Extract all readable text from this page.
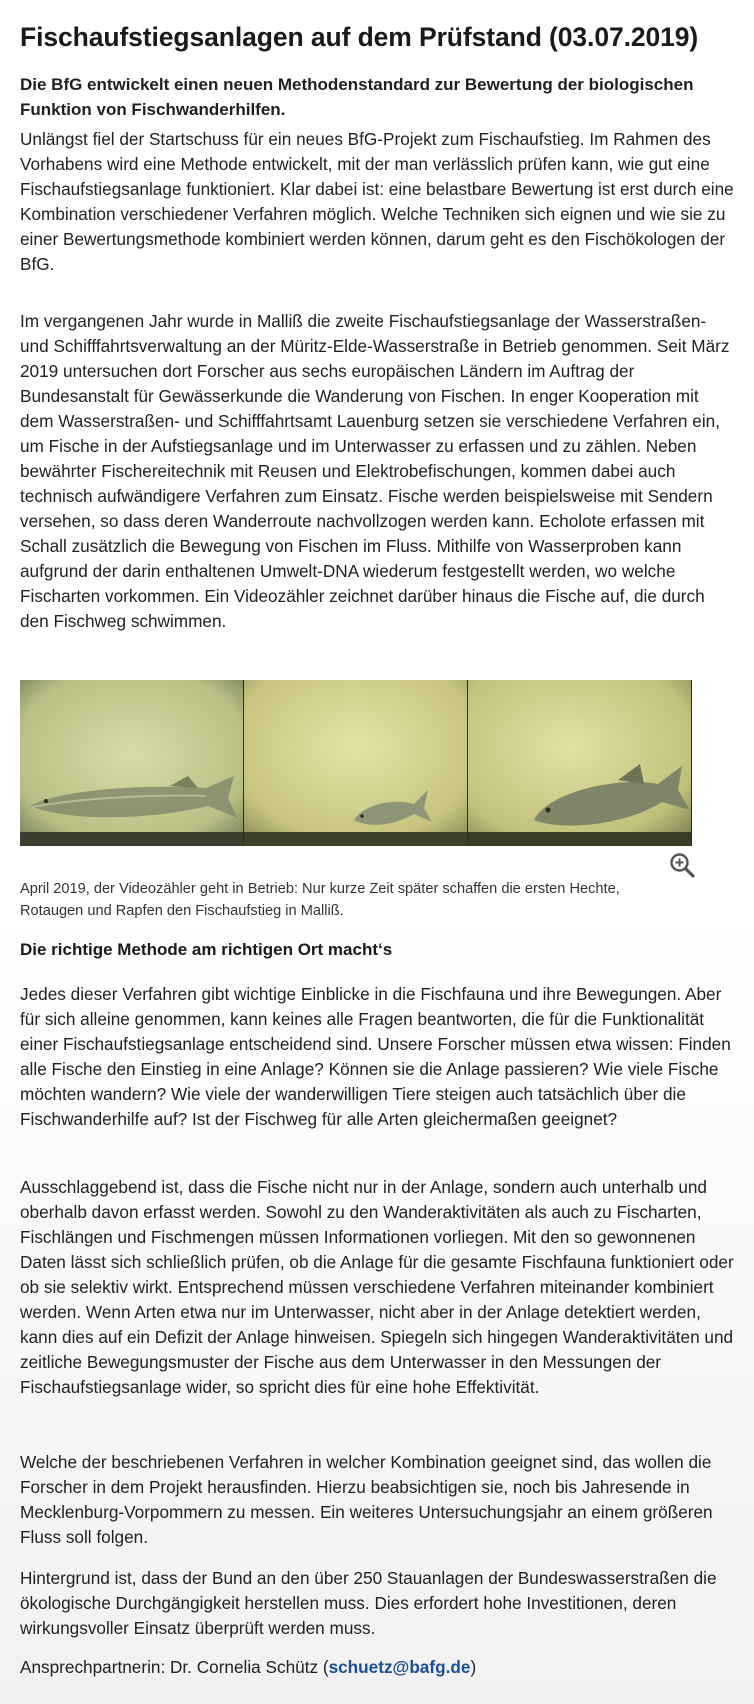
Fischaufstiegsanlagen auf dem Prüfstand (03.07.2019)

Die BfG entwickelt einen neuen Methodenstandard zur Bewertung der biologischen Funktion von Fischwanderhilfen.

Unlängst fiel der Startschuss für ein neues BfG-Projekt zum Fischaufstieg. Im Rahmen des Vorhabens wird eine Methode entwickelt, mit der man verlässlich prüfen kann, wie gut eine Fischaufstiegsanlage funktioniert. Klar dabei ist: eine belastbare Bewertung ist erst durch eine Kombination verschiedener Verfahren möglich. Welche Techniken sich eignen und wie sie zu einer Bewertungsmethode kombiniert werden können, darum geht es den Fischökologen der BfG.

Im vergangenen Jahr wurde in Malliß die zweite Fischaufstiegsanlage der Wasserstraßen- und Schifffahrtsverwaltung an der Müritz-Elde-Wasserstraße in Betrieb genommen. Seit März 2019 untersuchen dort Forscher aus sechs europäischen Ländern im Auftrag der Bundesanstalt für Gewässerkunde die Wanderung von Fischen. In enger Kooperation mit dem Wasserstraßen- und Schifffahrtsamt Lauenburg setzen sie verschiedene Verfahren ein, um Fische in der Aufstiegsanlage und im Unterwasser zu erfassen und zu zählen. Neben bewährter Fischereitechnik mit Reusen und Elektrobefischungen, kommen dabei auch technisch aufwändigere Verfahren zum Einsatz. Fische werden beispielsweise mit Sendern versehen, so dass deren Wanderroute nachvollzogen werden kann. Echolote erfassen mit Schall zusätzlich die Bewegung von Fischen im Fluss. Mithilfe von Wasserproben kann aufgrund der darin enthaltenen Umwelt-DNA wiederum festgestellt werden, wo welche Fischarten vorkommen. Ein Videozähler zeichnet darüber hinaus die Fische auf, die durch den Fischweg schwimmen.

April 2019, der Videozähler geht in Betrieb: Nur kurze Zeit später schaffen die ersten Hechte, Rotaugen und Rapfen den Fischaufstieg in Malliß.

Die richtige Methode am richtigen Ort macht‘s

Jedes dieser Verfahren gibt wichtige Einblicke in die Fischfauna und ihre Bewegungen. Aber für sich alleine genommen, kann keines alle Fragen beantworten, die für die Funktionalität einer Fischaufstiegsanlage entscheidend sind. Unsere Forscher müssen etwa wissen: Finden alle Fische den Einstieg in eine Anlage? Können sie die Anlage passieren? Wie viele Fische möchten wandern? Wie viele der wanderwilligen Tiere steigen auch tatsächlich über die Fischwanderhilfe auf? Ist der Fischweg für alle Arten gleichermaßen geeignet?

Ausschlaggebend ist, dass die Fische nicht nur in der Anlage, sondern auch unterhalb und oberhalb davon erfasst werden. Sowohl zu den Wanderaktivitäten als auch zu Fischarten, Fischlängen und Fischmengen müssen Informationen vorliegen. Mit den so gewonnenen Daten lässt sich schließlich prüfen, ob die Anlage für die gesamte Fischfauna funktioniert oder ob sie selektiv wirkt. Entsprechend müssen verschiedene Verfahren miteinander kombiniert werden. Wenn Arten etwa nur im Unterwasser, nicht aber in der Anlage detektiert werden, kann dies auf ein Defizit der Anlage hinweisen. Spiegeln sich hingegen Wanderaktivitäten und zeitliche Bewegungsmuster der Fische aus dem Unterwasser in den Messungen der Fischaufstiegsanlage wider, so spricht dies für eine hohe Effektivität.

Welche der beschriebenen Verfahren in welcher Kombination geeignet sind, das wollen die Forscher in dem Projekt herausfinden. Hierzu beabsichtigen sie, noch bis Jahresende in Mecklenburg-Vorpommern zu messen. Ein weiteres Untersuchungsjahr an einem größeren Fluss soll folgen.

Hintergrund ist, dass der Bund an den über 250 Stauanlagen der Bundeswasserstraßen die ökologische Durchgängigkeit herstellen muss. Dies erfordert hohe Investitionen, deren wirkungsvoller Einsatz überprüft werden muss.

Ansprechpartnerin: Dr. Cornelia Schütz (schuetz@bafg.de)
